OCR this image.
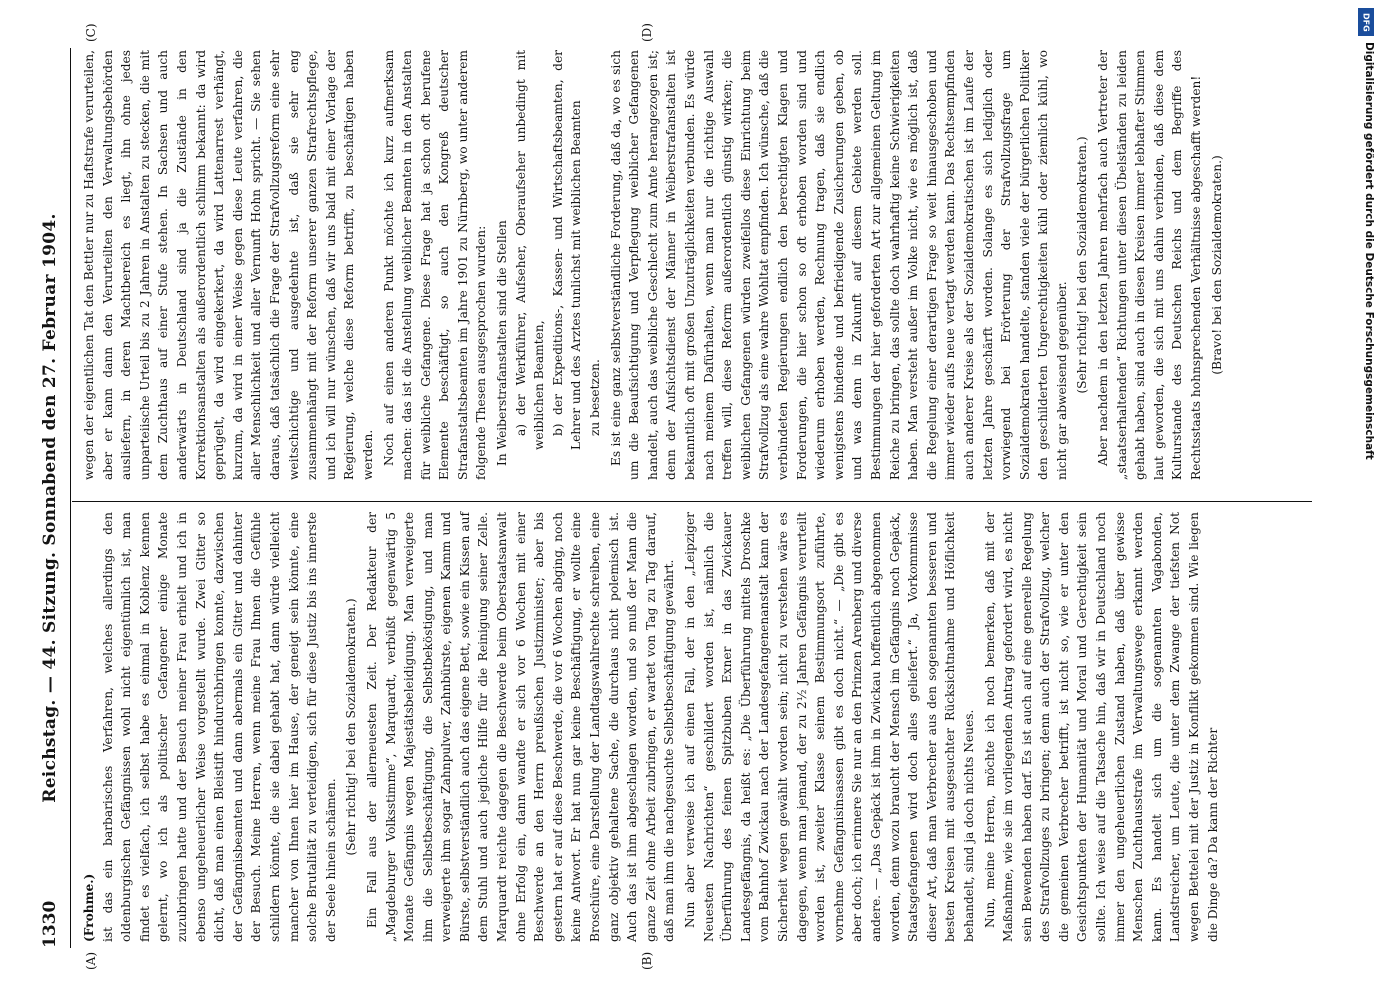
1330
Reichstag. — 44. Sitzung. Sonnabend den 27. Februar 1904.
(A)	(B)
(C)	(D)

(Frohme.) ist das ein barbarisches Verfahren, welches allerdings den oldenburgischen Gefängnissen wohl nicht eigentümlich ist, man findet es vielfach, ich selbst habe es einmal in Koblenz kennen gelernt, wo ich als politischer Gefangener einige Monate zuzubringen hatte und der Besuch meiner Frau erhielt und ich in ebenso ungeheuerlicher Weise vorgestellt wurde. Zwei Gitter so dicht, daß man einen Bleistift hindurchbringen konnte, dazwischen der Gefängnisbeamten und dann abermals ein Gitter und dahinter der Besuch. Meine Herren, wenn meine Frau Ihnen die Gefühle schildern könnte, die sie dabei gehabt hat, dann würde vielleicht mancher von Ihnen hier im Hause, der geneigt sein könnte, eine solche Brutalität zu verteidigen, sich für diese Justiz bis ins innerste der Seele hinein schämen.

(Sehr richtig! bei den Sozialdemokraten.) Ein Fall aus der allerneuesten Zeit. Der Redakteur der „Magdeburger Volksstimme“, Marquardt, verbüßt gegenwärtig 5 Monate Gefängnis wegen Majestätsbeleidigung. Man verweigerte ihm die Selbstbeschäftigung, die Selbstbeköstigung, und man verweigerte ihm sogar Zahnpulver, Zahnbürste, eigenen Kamm und Bürste, selbstverständlich auch das eigene Bett, sowie ein Kissen auf dem Stuhl und auch jegliche Hilfe für die Reinigung seiner Zelle. Marquardt reichte dagegen die Beschwerde beim Oberstaatsanwalt ohne Erfolg ein, dann wandte er sich vor 6 Wochen mit einer Beschwerde an den Herrn preußischen Justizminister; aber bis gestern hat er auf diese Beschwerde, die vor 6 Wochen abging, noch keine Antwort. Er hat nun gar keine Beschäftigung, er wollte eine Broschüre, eine Darstellung der Landtagswahlrechte schreiben, eine ganz objektiv gehaltene Sache, die durchaus nicht polemisch ist. Auch das ist ihm abgeschlagen worden, und so muß der Mann die ganze Zeit ohne Arbeit zubringen, er wartet von Tag zu Tag darauf, daß man ihm die nachgesuchte Selbstbeschäftigung gewährt. Nun aber verweise ich auf einen Fall, der in den „Leipziger Neuesten Nachrichten“ geschildert worden ist, nämlich die Überführung des feinen Spitzbuben Exner in das Zwickauer Landesgefängnis, da heißt es: „Die Überführung mittels Droschke vom Bahnhof Zwickau nach der Landesgefangenenanstalt kann der Sicherheit wegen gewählt worden sein; nicht zu verstehen wäre es dagegen, wenn man jemand, der zu 2½ Jahren Gefängnis verurteilt worden ist, zweiter Klasse seinem Bestimmungsort zuführte, vornehme Gefängnisinsassen gibt es doch nicht.“ — „Die gibt es aber doch; ich erinnere Sie nur an den Prinzen Arenberg und diverse andere. — „Das Gepäck ist ihm in Zwickau hoffentlich abgenommen worden, denn wozu braucht der Mensch im Gefängnis noch Gepäck, Staatsgefangenen wird doch alles geliefert.“ Ja, Vorkommnisse dieser Art, daß man Verbrecher aus den sogenannten besseren und besten Kreisen mit ausgesuchter Rücksichtnahme und Höflichkeit behandelt, sind ja doch nichts Neues. Nun, meine Herren, möchte ich noch bemerken, daß mit der Maßnahme, wie sie im vorliegenden Antrag gefordert wird, es nicht sein Bewenden haben darf. Es ist auch auf eine generelle Regelung des Strafvollzuges zu bringen; denn auch der Strafvollzug, welcher die gemeinen Verbrecher betrifft, ist nicht so, wie er unter den Gesichtspunkten der Humanität und Moral und Gerechtigkeit sein sollte. Ich weise auf die Tatsache hin, daß wir in Deutschland noch immer den ungeheuerlichen Zustand haben, daß über gewisse Menschen Zuchthausstrafe im Verwaltungswege erkannt werden kann. Es handelt sich um die sogenannten Vagabonden, Landstreicher, um Leute, die unter dem Zwange der tiefsten Not wegen Bettelei mit der Justiz in Konflikt gekommen sind. Wie liegen die Dinge da? Da kann der Richter

wegen der eigentlichen Tat den Bettler nur zu Haftstrafe verurteilen, aber er kann dann den Verurteilten den Verwaltungsbehörden ausliefern, in deren Machtbereich es liegt, ihn ohne jedes unparteiische Urteil bis zu 2 Jahren in Anstalten zu stecken, die mit dem Zuchthaus auf einer Stufe stehen. In Sachsen und auch anderwärts in Deutschland sind ja die Zustände in den Korrektionsanstalten als außerordentlich schlimm bekannt: da wird geprügelt, da wird eingekerkert, da wird Lattenarrest verhängt, kurzum, da wird in einer Weise gegen diese Leute verfahren, die aller Menschlichkeit und aller Vernunft Hohn spricht. — Sie sehen daraus, daß tatsächlich die Frage der Strafvollzugsreform eine sehr weitschichtige und ausgedehnte ist, daß sie sehr eng zusammenhängt mit der Reform unserer ganzen Strafrechtspflege, und ich will nur wünschen, daß wir uns bald mit einer Vorlage der Regierung, welche diese Reform betrifft, zu beschäftigen haben werden. Noch auf einen anderen Punkt möchte ich kurz aufmerksam machen: das ist die Anstellung weiblicher Beamten in den Anstalten für weibliche Gefangene. Diese Frage hat ja schon oft berufene Elemente beschäftigt, so auch den Kongreß deutscher Strafanstaltsbeamten im Jahre 1901 zu Nürnberg, wo unter anderem folgende Thesen ausgesprochen wurden: In Weiberstrafanstalten sind die Stellen a) der Werkführer, Aufseher, Oberaufseher unbedingt mit weiblichen Beamten, b) der Expeditions-, Kassen- und Wirtschaftsbeamten, der Lehrer und des Arztes tunlichst mit weiblichen Beamten zu besetzen. Es ist eine ganz selbstverständliche Forderung, daß da, wo es sich um die Beaufsichtigung und Verpflegung weiblicher Gefangenen handelt, auch das weibliche Geschlecht zum Amte herangezogen ist; denn der Aufsichtsdienst der Männer in Weiberstrafanstalten ist bekanntlich oft mit großen Unzuträglichkeiten verbunden. Es würde nach meinem Dafürhalten, wenn man nur die richtige Auswahl treffen will, diese Reform außerordentlich günstig wirken; die weiblichen Gefangenen würden zweifellos diese Einrichtung beim Strafvollzug als eine wahre Wohltat empfinden. Ich wünsche, daß die verbündeten Regierungen endlich den berechtigten Klagen und Forderungen, die hier schon so oft erhoben worden sind und wiederum erhoben werden, Rechnung tragen, daß sie endlich wenigstens bindende und befriedigende Zusicherungen geben, ob und was denn in Zukunft auf diesem Gebiete werden soll. Bestimmungen der hier geforderten Art zur allgemeinen Geltung im Reiche zu bringen, das sollte doch wahrhaftig keine Schwierigkeiten haben. Man versteht außer im Volke nicht, wie es möglich ist, daß die Regelung einer derartigen Frage so weit hinausgeschoben und immer wieder aufs neue vertagt werden kann. Das Rechtsempfinden auch anderer Kreise als der Sozialdemokratischen ist im Laufe der letzten Jahre geschärft worden. Solange es sich lediglich oder vorwiegend bei Erörterung der Strafvollzugsfrage um Sozialdemokraten handelte, standen viele der bürgerlichen Politiker den geschilderten Ungerechtigkeiten kühl oder ziemlich kühl, wo nicht gar abweisend gegenüber. (Sehr richtig! bei den Sozialdemokraten.) Aber nachdem in den letzten Jahren mehrfach auch Vertreter der „staatserhaltenden“ Richtungen unter diesen Übelständen zu leiden gehabt haben, sind auch in diesen Kreisen immer lebhafter Stimmen laut geworden, die sich mit uns dahin verbinden, daß diese dem Kulturstande des Deutschen Reichs und dem Begriffe des Rechtsstaats hohnsprechenden Verhältnisse abgeschafft werden! (Bravo! bei den Sozialdemokraten.)

DFG
Digitalisierung gefördert durch die Deutsche Forschungsgemeinschaft
